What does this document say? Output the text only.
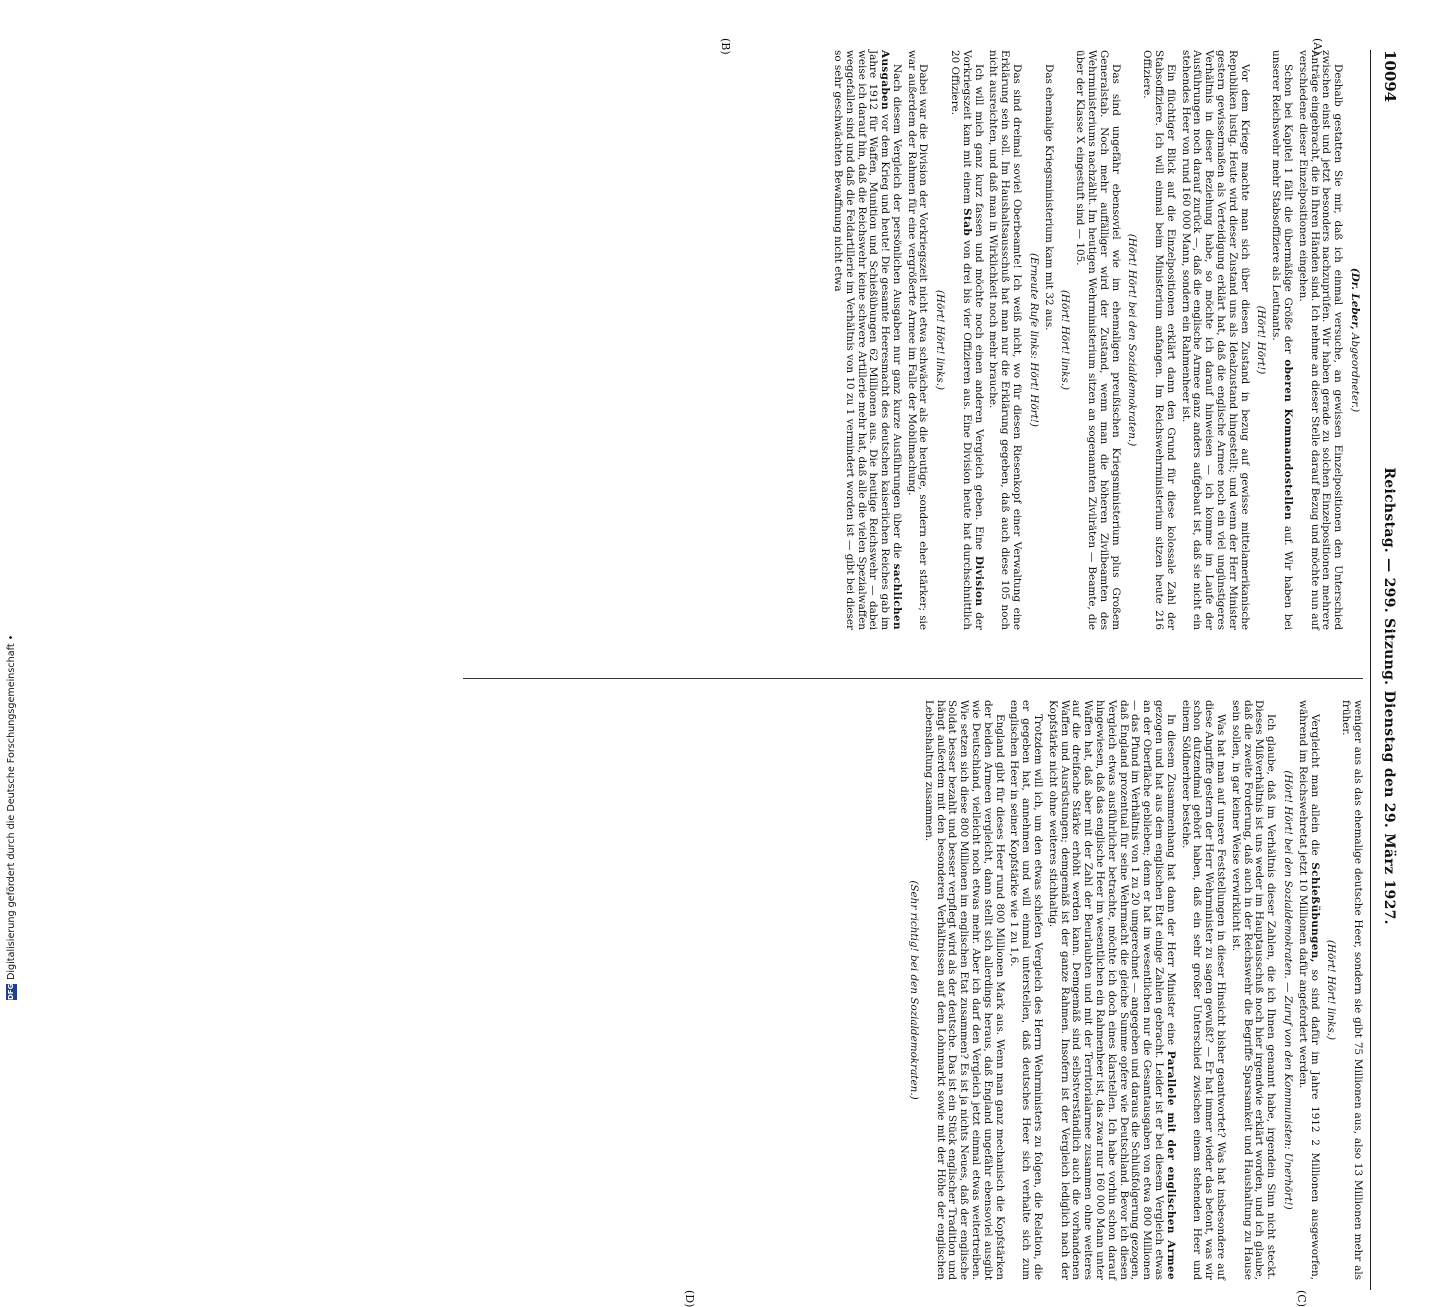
10094
Reichstag. — 299. Sitzung. Dienstag den 29. März 1927.
(A)
(B)
(C)
(D)

(Dr. Leber, Abgeordneter.)

Deshalb gestatten Sie mir, daß ich einmal versuche, an gewissen Einzelpositionen den Unterschied zwischen einst und jetzt besonders nachzuprüfen. Wir haben gerade zu solchen Einzelpositionen mehrere Anträge eingebracht, die in Ihren Händen sind. Ich nehme an dieser Stelle darauf Bezug und möchte nun auf verschiedene dieser Einzelpositionen eingehen.

Schon bei Kapitel 1 fällt die übermäßige Größe der oberen Kommandostellen auf. Wir haben bei unserer Reichswehr mehr Stabsoffiziere als Leutnants.

(Hört! Hört!)

Vor dem Kriege machte man sich über diesen Zustand in bezug auf gewisse mittelamerikanische Republiken lustig. Heute wird dieser Zustand uns als Idealzustand hingestellt; und wenn der Herr Minister gestern gewissermaßen als Verteidigung erklärt hat, daß die englische Armee noch ein viel ungünstigeres Verhältnis in dieser Beziehung habe, so möchte ich darauf hinweisen — ich komme im Laufe der Ausführungen noch darauf zurück —, daß die englische Armee ganz anders aufgebaut ist, daß sie nicht ein stehendes Heer von rund 160 000 Mann, sondern ein Rahmenheer ist.

Ein flüchtiger Blick auf die Einzelpositionen erklärt dann den Grund für diese kolossale Zahl der Stabsoffiziere. Ich will einmal beim Ministerium anfangen. Im Reichswehrministerium sitzen heute 216 Offiziere.

(Hört! Hört! bei den Sozialdemokraten.)

Das sind ungefähr ebensoviel wie im ehemaligen preußischen Kriegsministerium plus Großem Generalstab. Noch mehr auffälliger wird der Zustand, wenn man die höheren Zivilbeamten des Wehrministeriums nachzählt. Im heutigen Wehrministerium sitzen an sogenannten Zivilräten — Beamte, die über der Klasse X eingestuft sind — 105.

(Hört! Hört! links.)

Das ehemalige Kriegsministerium kam mit 32 aus.

(Erneute Rufe links: Hört! Hört!)

Das sind dreimal soviel Oberbeamte! Ich weiß nicht, wo für diesen Riesenkopf einer Verwaltung eine Erklärung sein soll. Im Haushaltsausschuß hat man nur die Erklärung gegeben, daß auch diese 105 noch nicht ausreichten, und daß man in Wirklichkeit noch mehr brauche.

Ich will mich ganz kurz fassen und möchte noch einen anderen Vergleich geben. Eine Division der Vorkriegszeit kam mit einem Stab von drei bis vier Offizieren aus. Eine Division heute hat durchschnittlich 20 Offiziere.

(Hört! Hört! links.)

Dabei war die Division der Vorkriegszeit nicht etwa schwächer als die heutige, sondern eher stärker; sie war außerdem der Rahmen für eine vergrößerte Armee im Falle der Mobilmachung.

Nach diesem Vergleich der persönlichen Ausgaben nur ganz kurze Ausführungen über die sachlichen Ausgaben vor dem Krieg und heute! Die gesamte Heeresmacht des deutschen kaiserlichen Reiches gab im Jahre 1912 für Waffen, Munition und Schießübungen 62 Millionen aus. Die heutige Reichswehr — dabei weise ich darauf hin, daß die Reichswehr keine schwere Artillerie mehr hat, daß alle die vielen Spezialwaffen weggefallen sind und daß die Feldartillerie im Verhältnis von 10 zu 1 vermindert worden ist — gibt bei dieser so sehr geschwächten Bewaffnung nicht etwa

weniger aus als das ehemalige deutsche Heer, sondern sie gibt 75 Millionen aus, also 13 Millionen mehr als früher.

(Hört! Hört! links.)

Vergleicht man allein die Schießübungen, so sind dafür im Jahre 1912 2 Millionen ausgeworfen, während im Reichswehretat jetzt 10 Millionen dafür angefordert werden.

(Hört! Hört! bei den Sozialdemokraten. — Zuruf von den Kommunisten: Unerhört!)

Ich glaube, daß im Verhältnis dieser Zahlen, die ich Ihnen genannt habe, irgendein Sinn nicht steckt. Dieses Mißverhältnis ist uns weder im Hauptausschuß noch hier irgendwie erklärt worden, und ich glaube, daß die zweite Forderung, daß auch in der Reichswehr die Begriffe Sparsamkeit und Haushaltung zu Hause sein sollen, in gar keiner Weise verwirklicht ist.

Was hat man auf unsere Feststellungen in dieser Hinsicht bisher geantwortet? Was hat insbesondere auf diese Angriffe gestern der Herr Wehrminister zu sagen gewußt? — Er hat immer wieder das betont, was wir schon dutzendmal gehört haben, daß ein sehr großer Unterschied zwischen einem stehenden Heer und einem Söldnerheer bestehe.

In diesem Zusammenhang hat dann der Herr Minister eine Parallele mit der englischen Armee gezogen und hat aus dem englischen Etat einige Zahlen gebracht. Leider ist er bei diesem Vergleich etwas an der Oberfläche geblieben; denn er hat im wesentlichen nur die Gesamtausgaben von etwa 800 Millionen — das Pfund im Verhältnis von 1 zu 20 umgerechnet — angegeben und daraus die Schlußfolgerung gezogen, daß England prozentual für seine Wehrmacht die gleiche Summe opfere wie Deutschland. Bevor ich diesen Vergleich etwas ausführlicher betrachte, möchte ich doch eines klarstellen. Ich habe vorhin schon darauf hingewiesen, daß das englische Heer im wesentlichen ein Rahmenheer ist, das zwar nur 160 000 Mann unter Waffen hat, daß aber mit der Zahl der Beurlaubten und mit der Territorialarmee zusammen ohne weiteres auf die dreifache Stärke erhöht werden kann. Demgemäß sind selbstverständlich auch die vorhandenen Waffen und Ausrüstungen; demgemäß ist der ganze Rahmen. Insofern ist der Vergleich lediglich nach der Kopfstärke nicht ohne weiteres stichhaltig.

Trotzdem will ich, um den etwas schiefen Vergleich des Herrn Wehrministers zu folgen, die Relation, die er gegeben hat, annehmen und will einmal unterstellen, daß deutsches Heer sich verhalte sich zum englischen Heer in seiner Kopfstärke wie 1 zu 1,6.

England gibt für dieses Heer rund 800 Millionen Mark aus. Wenn man ganz mechanisch die Kopfstärken der beiden Armeen vergleicht, dann stellt sich allerdings heraus, daß England ungefähr ebensoviel ausgibt wie Deutschland, vielleicht noch etwas mehr. Aber ich darf den Vergleich jetzt einmal etwas weitertreiben. Wie setzen sich diese 800 Millionen im englischen Etat zusammen? Es ist ja nichts Neues, daß der englische Soldat besser bezahlt und besser verpflegt wird als der deutsche. Das ist ein Stück englischer Tradition und hängt außerdem mit den besonderen Verhältnissen auf dem Lohnmarkt sowie mit der Höhe der englischen Lebenshaltung zusammen.

(Sehr richtig! bei den Sozialdemokraten.)

DFG
Digitalisierung gefördert durch die Deutsche Forschungsgemeinschaft •
